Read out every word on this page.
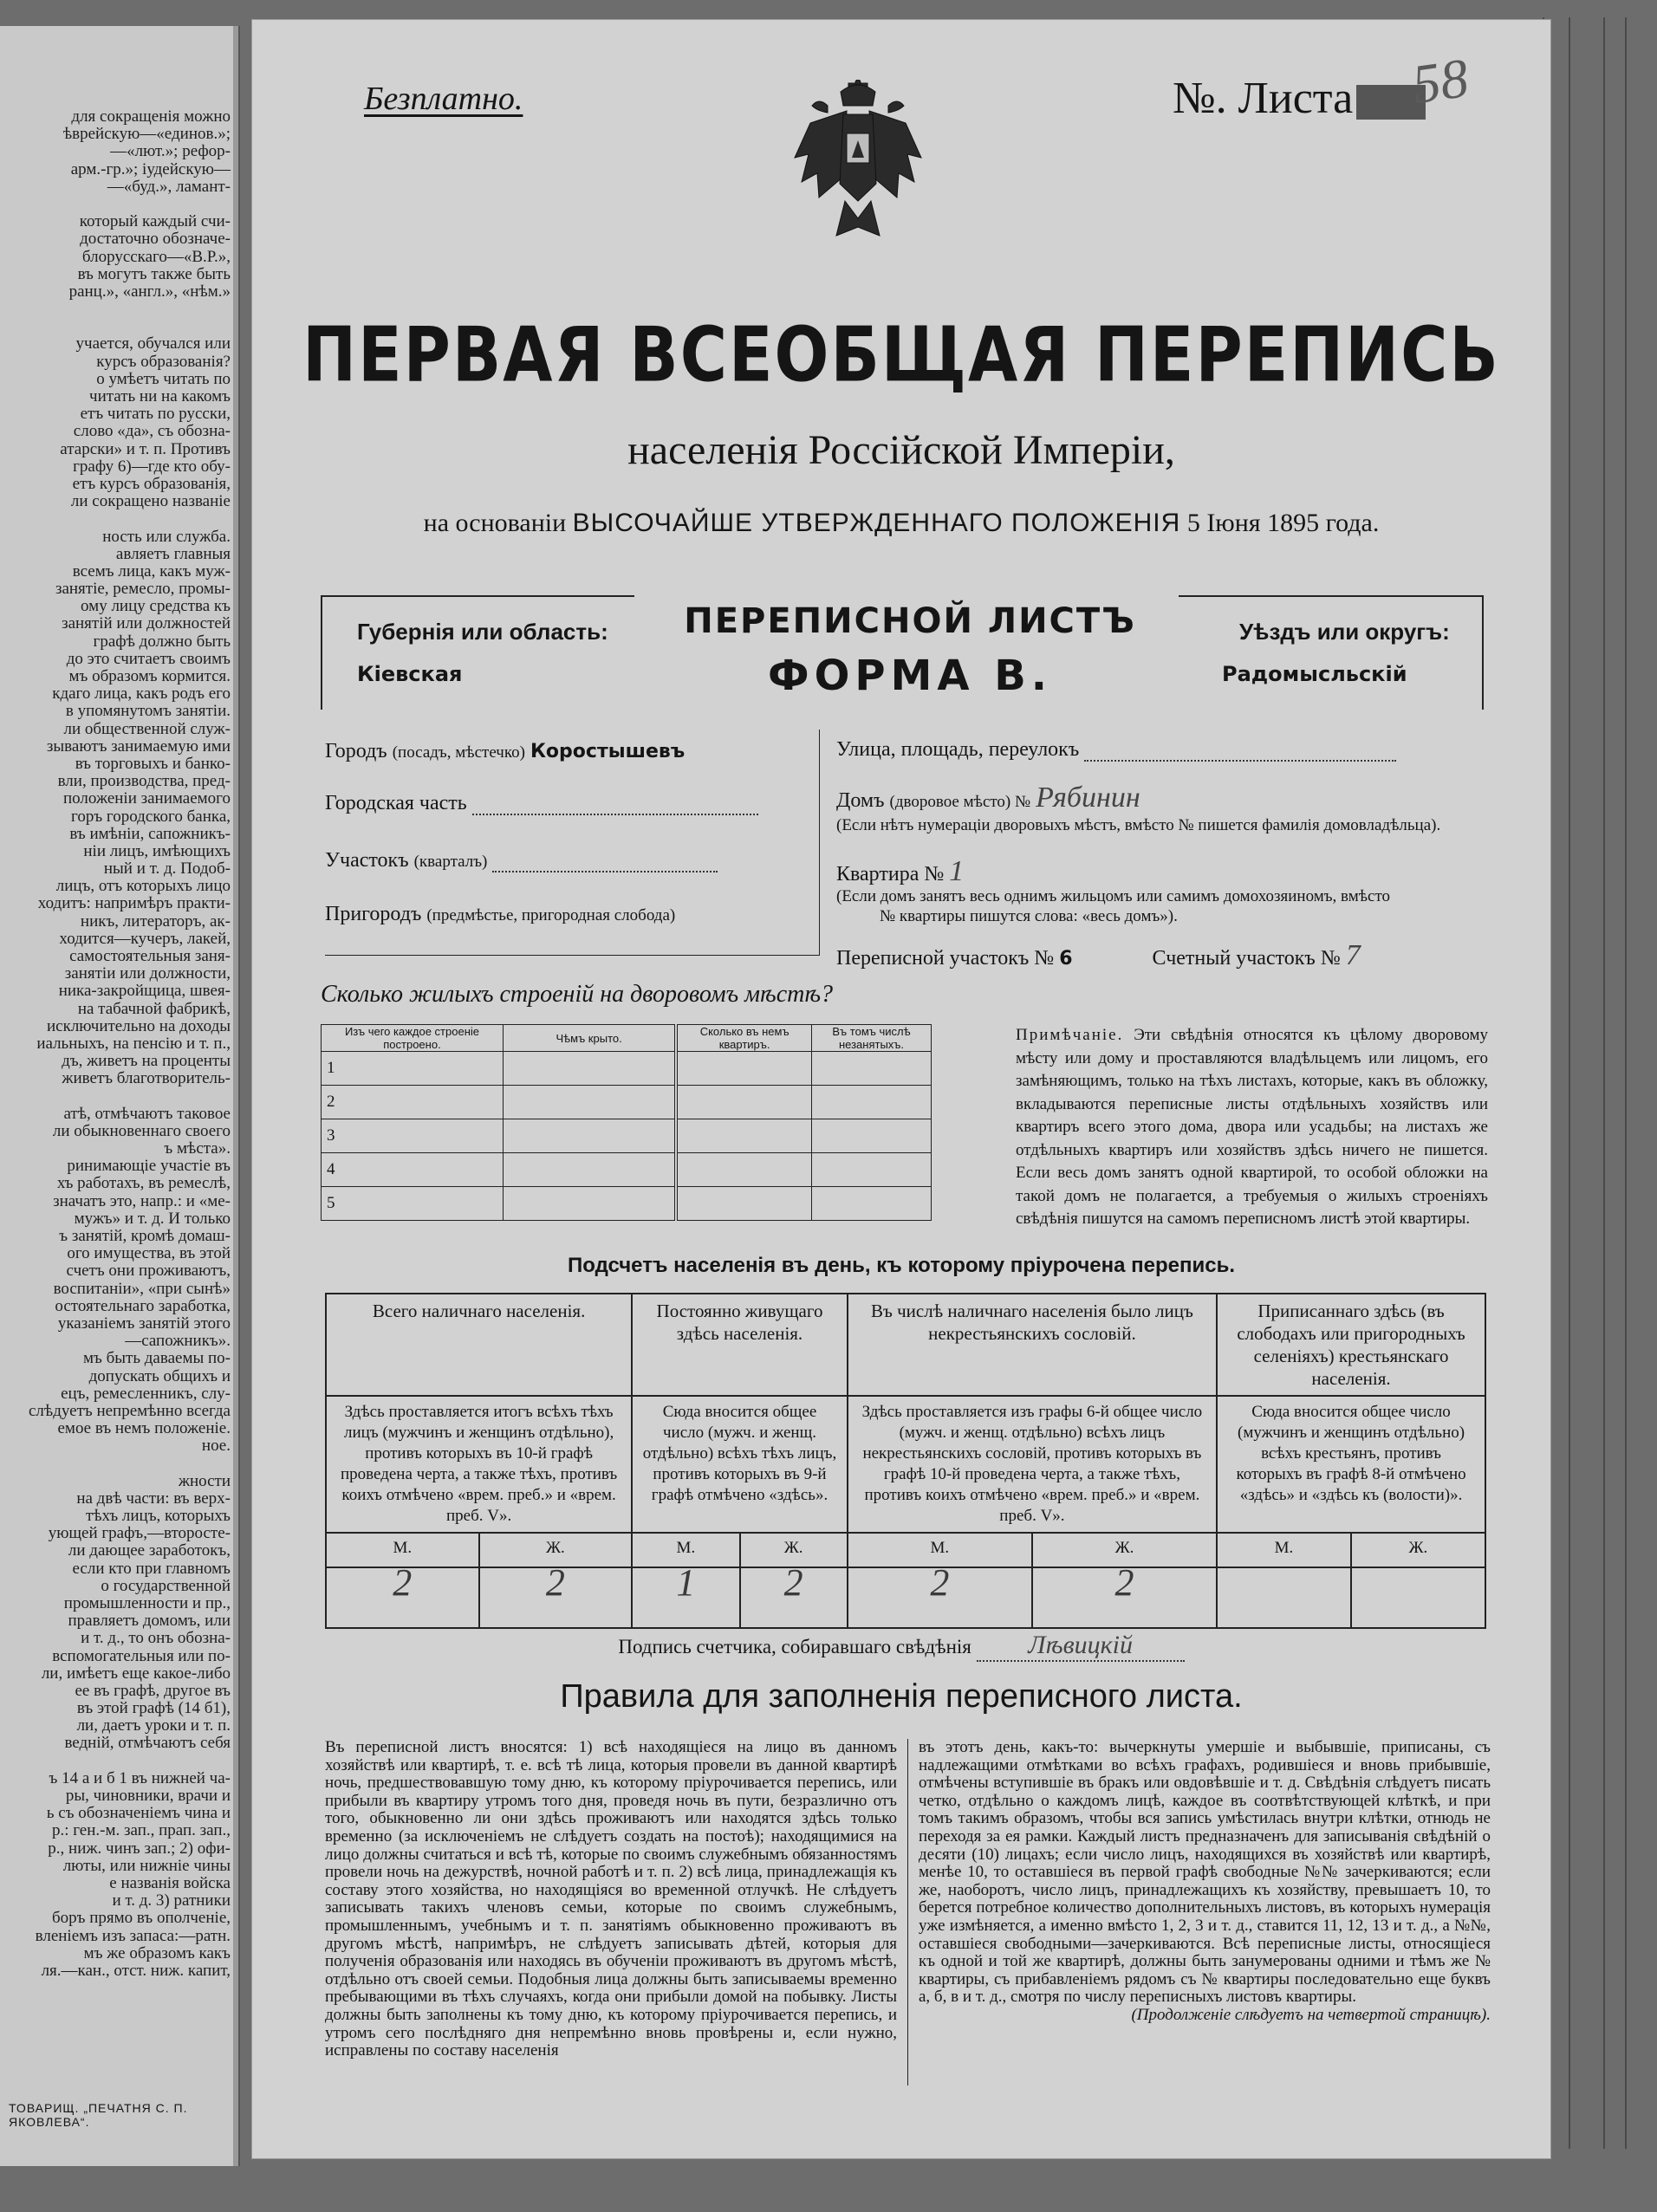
для сокращенія можно
ѣврейскую—«единов.»;
—«лют.»; рефор-
арм.-гр.»; іудейскую—
—«буд.», ламант-
который каждый счи-
достаточно обозначе-
блорусскаго—«В.Р.»,
въ могутъ также быть
ранц.», «англ.», «нѣм.»
учается, обучался или
курсъ образованія?
о умѣетъ читать по
читать ни на какомъ
етъ читать по русски,
слово «да», съ обозна-
атарски» и т. п. Противъ
графу 6)—где кто обу-
етъ курсъ образованія,
ли сокращено названіе
ность или служба.
авляетъ главныя
всемъ лица, какъ муж-
занятіе, ремесло, промы-
ому лицу средства къ
занятій или должностей
графѣ должно быть
до это считаетъ своимъ
мъ образомъ кормится.
кдаго лица, какъ родъ его
в упомянутомъ занятіи.
ли общественной служ-
зываютъ занимаемую ими
въ торговыхъ и банко-
вли, производства, пред-
положеніи занимаемого
горъ городского банка,
въ имѣніи, сапожникъ-
ніи лицъ, имѣющихъ
ный и т. д. Подоб-
лицъ, отъ которыхъ лицо
ходитъ: напримѣръ практи-
никъ, литераторъ, ак-
ходится—кучеръ, лакей,
самостоятельныя заня-
занятіи или должности,
ника-закройщица, швея-
на табачной фабрикѣ,
исключительно на доходы
иальныхъ, на пенсію и т. п.,
дъ, живетъ на проценты
живетъ благотворитель-
атѣ, отмѣчаютъ таковое
ли обыкновеннаго своего
ъ мѣста».
ринимающіе участіе въ
хъ работахъ, въ ремеслѣ,
значатъ это, напр.: и «ме-
мужъ» и т. д. И только
ъ занятій, кромѣ домаш-
ого имущества, въ этой
счетъ они проживаютъ,
воспитаніи», «при сынѣ»
остоятельнаго заработка,
указаніемъ занятій этого
—сапожникъ».
мъ быть даваемы по-
допускать общихъ и
ецъ, ремесленникъ, слу-
слѣдуетъ непремѣнно всегда
емое въ немъ положеніе.
ное.
жности
на двѣ части: въ верх-
тѣхъ лицъ, которыхъ
ующей графъ,—второсте-
ли дающее заработокъ,
если кто при главномъ
о государственной
промышленности и пр.,
правляетъ домомъ, или
и т. д., то онъ обозна-
вспомогательныя или по-
ли, имѣетъ еще какое-либо
ее въ графѣ, другое въ
въ этой графѣ (14 б1),
ли, даетъ уроки и т. п.
ведній, отмѣчаютъ себя
ъ 14 а и б 1 въ нижней ча-
ры, чиновники, врачи и
ь съ обозначеніемъ чина и
р.: ген.-м. зап., прап. зап.,
р., ниж. чинъ зап.; 2) офи-
люты, или нижніе чины
е названія войска
и т. д. 3) ратники
боръ прямо въ ополченіе,
вленіемъ изъ запаса:—ратн.
мъ же образомъ какъ
ля.—кан., отст. ниж. капит,
ТОВАРИЩ. „ПЕЧАТНЯ С. П. ЯКОВЛЕВА“.
Безплатно.	№. Листа	58
ПЕРВАЯ ВСЕОБЩАЯ ПЕРЕПИСЬ
населенія Россійской Имперіи,
на основаніи ВЫСОЧАЙШЕ УТВЕРЖДЕННАГО ПОЛОЖЕНІЯ 5 Іюня 1895 года.
Губернія или область:
Кіевская
ПЕРЕПИСНОЙ ЛИСТЪ
ФОРМА В.
Уѣздъ или округъ:
Радомысльскій
Городъ (посадъ, мѣстечко) Коростышевъ
Городская часть
Участокъ (кварталъ)
Пригородъ (предмѣстье, пригородная слобода)
Улица, площадь, переулокъ
Домъ (дворовое мѣсто) № Рябинин
(Если нѣтъ нумераціи дворовыхъ мѣстъ, вмѣсто № пишется фамилія домовладѣльца).
Квартира № 1
(Если домъ занятъ весь однимъ жильцомъ или самимъ домохозяиномъ, вмѣсто
№ квартиры пишутся слова: «весь домъ»).
Переписной участокъ № 6	Счетный участокъ № 7
Сколько жилыхъ строеній на дворовомъ мѣстѣ?
Изъ чего каждое строеніе построено.	Чѣмъ крыто.	Сколько въ немъ квартиръ.	Въ томъ числѣ незанятыхъ.
1			
2			
3			
4			
5			
Примѣчаніе. Эти свѣдѣнія относятся къ цѣлому дворовому мѣсту или дому и проставляются владѣльцемъ или лицомъ, его замѣняющимъ, только на тѣхъ листахъ, которые, какъ въ обложку, вкладываются переписные листы отдѣльныхъ хозяйствъ или квартиръ всего этого дома, двора или усадьбы; на листахъ же отдѣльныхъ квартиръ или хозяйствъ здѣсь ничего не пишется. Если весь домъ занятъ одной квартирой, то особой обложки на такой домъ не полагается, а требуемыя о жилыхъ строеніяхъ свѣдѣнія пишутся на самомъ переписномъ листѣ этой квартиры.
Подсчетъ населенія въ день, къ которому пріурочена перепись.
Всего наличнаго населенія.		Постоянно живущаго здѣсь населенія.		Въ числѣ наличнаго населенія было лицъ некрестьянскихъ сословій.		Приписаннаго здѣсь (въ слободахъ или пригородныхъ селеніяхъ) крестьянскаго населенія.	
Здѣсь проставляется итогъ всѣхъ тѣхъ лицъ (мужчинъ и женщинъ отдѣльно), противъ которыхъ въ 10-й графѣ проведена черта, а также тѣхъ, противъ коихъ отмѣчено «врем. преб.» и «врем. преб. V».		Сюда вносится общее число (мужч. и женщ. отдѣльно) всѣхъ тѣхъ лицъ, противъ которыхъ въ 9-й графѣ отмѣчено «здѣсь».		Здѣсь проставляется изъ графы 6-й общее число (мужч. и женщ. отдѣльно) всѣхъ лицъ некрестьянскихъ сословій, противъ которыхъ въ графѣ 10-й проведена черта, а также тѣхъ, противъ коихъ отмѣчено «врем. преб.» и «врем. преб. V».		Сюда вносится общее число (мужчинъ и женщинъ отдѣльно) всѣхъ крестьянъ, противъ которыхъ въ графѣ 8-й отмѣчено «здѣсь» и «здѣсь къ (волости)».	
М.	Ж.	М.	Ж.	М.	Ж.	М.	Ж.
2	2	1	2	2	2		
Подпись счетчика, собиравшаго свѣдѣнія Лѣвицкій
Правила для заполненія переписного листа.
Въ переписной листъ вносятся: 1) всѣ находящіеся на лицо въ данномъ хозяйствѣ или квартирѣ, т. е. всѣ тѣ лица, которыя провели въ данной квартирѣ ночь, предшествовавшую тому дню, къ которому пріурочивается перепись, или прибыли въ квартиру утромъ того дня, проведя ночь въ пути, безразлично отъ того, обыкновенно ли они здѣсь проживаютъ или находятся здѣсь только временно (за исключеніемъ не слѣдуетъ создать на постоѣ); находящимися на лицо должны считаться и всѣ тѣ, которые по своимъ служебнымъ обязанностямъ провели ночь на дежурствѣ, ночной работѣ и т. п. 2) всѣ лица, принадлежащія къ составу этого хозяйства, но находящіяся во временной отлучкѣ. Не слѣдуетъ записывать такихъ членовъ семьи, которые по своимъ служебнымъ, промышленнымъ, учебнымъ и т. п. занятіямъ обыкновенно проживаютъ въ другомъ мѣстѣ, напримѣръ, не слѣдуетъ записывать дѣтей, которыя для полученія образованія или находясь въ обученіи проживаютъ въ другомъ мѣстѣ, отдѣльно отъ своей семьи. Подобныя лица должны быть записываемы временно пребывающими въ тѣхъ случаяхъ, когда они прибыли домой на побывку. Листы должны быть заполнены къ тому дню, къ которому пріурочивается перепись, и утромъ сего послѣдняго дня непремѣнно вновь провѣрены и, если нужно, исправлены по составу населенія
въ этотъ день, какъ-то: вычеркнуты умершіе и выбывшіе, приписаны, съ надлежащими отмѣтками во всѣхъ графахъ, родившіеся и вновь прибывшіе, отмѣчены вступившіе въ бракъ или овдовѣвшіе и т. д. Свѣдѣнія слѣдуетъ писать четко, отдѣльно о каждомъ лицѣ, каждое въ соотвѣтствующей клѣткѣ, и при томъ такимъ образомъ, чтобы вся запись умѣстилась внутри клѣтки, отнюдь не переходя за ея рамки. Каждый листъ предназначенъ для записыванія свѣдѣній о десяти (10) лицахъ; если число лицъ, находящихся въ хозяйствѣ или квартирѣ, менѣе 10, то оставшіеся въ первой графѣ свободные №№ зачеркиваются; если же, наоборотъ, число лицъ, принадлежащихъ къ хозяйству, превышаетъ 10, то берется потребное количество дополнительныхъ листовъ, въ которыхъ нумерація уже измѣняется, а именно вмѣсто 1, 2, 3 и т. д., ставится 11, 12, 13 и т. д., а №№, оставшіеся свободными—зачеркиваются. Всѣ переписные листы, относящіеся къ одной и той же квартирѣ, должны быть занумерованы одними и тѣмъ же № квартиры, съ прибавленіемъ рядомъ съ № квартиры последовательно еще буквъ а, б, в и т. д., смотря по числу переписныхъ листовъ квартиры.
(Продолженіе слѣдуетъ на четвертой страницѣ).
